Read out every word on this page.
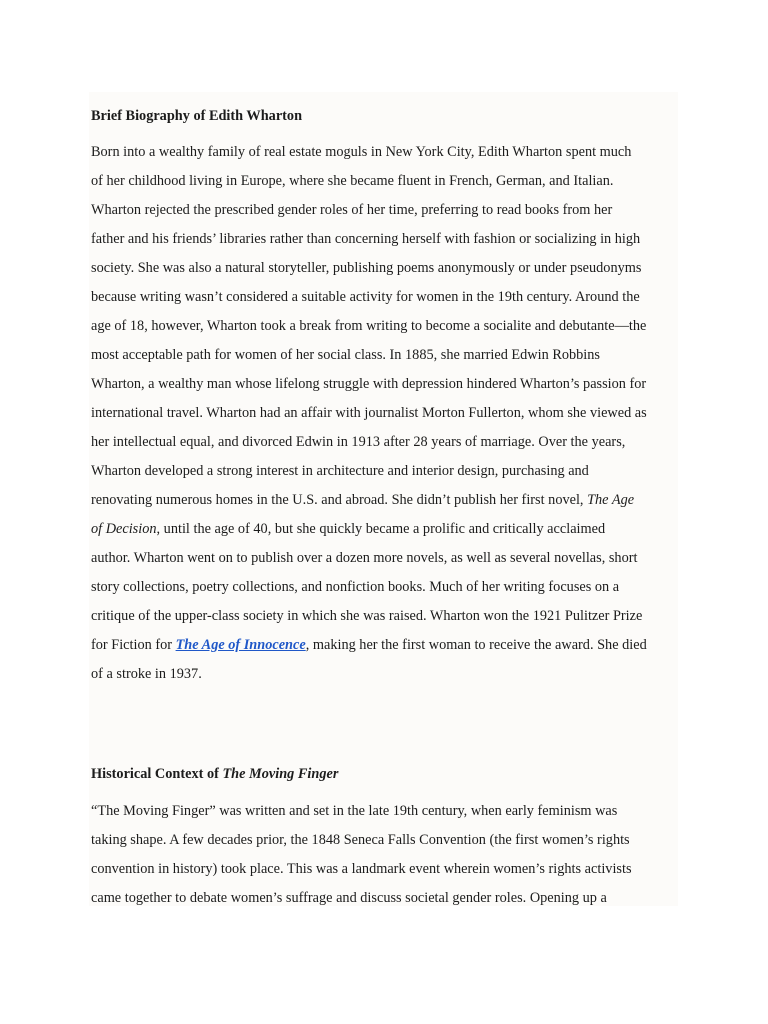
Brief Biography of Edith Wharton
Born into a wealthy family of real estate moguls in New York City, Edith Wharton spent much
of her childhood living in Europe, where she became fluent in French, German, and Italian.
Wharton rejected the prescribed gender roles of her time, preferring to read books from her
father and his friends’ libraries rather than concerning herself with fashion or socializing in high
society. She was also a natural storyteller, publishing poems anonymously or under pseudonyms
because writing wasn’t considered a suitable activity for women in the 19th century. Around the
age of 18, however, Wharton took a break from writing to become a socialite and debutante—the
most acceptable path for women of her social class. In 1885, she married Edwin Robbins
Wharton, a wealthy man whose lifelong struggle with depression hindered Wharton’s passion for
international travel. Wharton had an affair with journalist Morton Fullerton, whom she viewed as
her intellectual equal, and divorced Edwin in 1913 after 28 years of marriage. Over the years,
Wharton developed a strong interest in architecture and interior design, purchasing and
renovating numerous homes in the U.S. and abroad. She didn’t publish her first novel, The Age
of Decision, until the age of 40, but she quickly became a prolific and critically acclaimed
author. Wharton went on to publish over a dozen more novels, as well as several novellas, short
story collections, poetry collections, and nonfiction books. Much of her writing focuses on a
critique of the upper-class society in which she was raised. Wharton won the 1921 Pulitzer Prize
for Fiction for The Age of Innocence, making her the first woman to receive the award. She died
of a stroke in 1937.
Historical Context of The Moving Finger
“The Moving Finger” was written and set in the late 19th century, when early feminism was
taking shape. A few decades prior, the 1848 Seneca Falls Convention (the first women’s rights
convention in history) took place. This was a landmark event wherein women’s rights activists
came together to debate women’s suffrage and discuss societal gender roles. Opening up a
